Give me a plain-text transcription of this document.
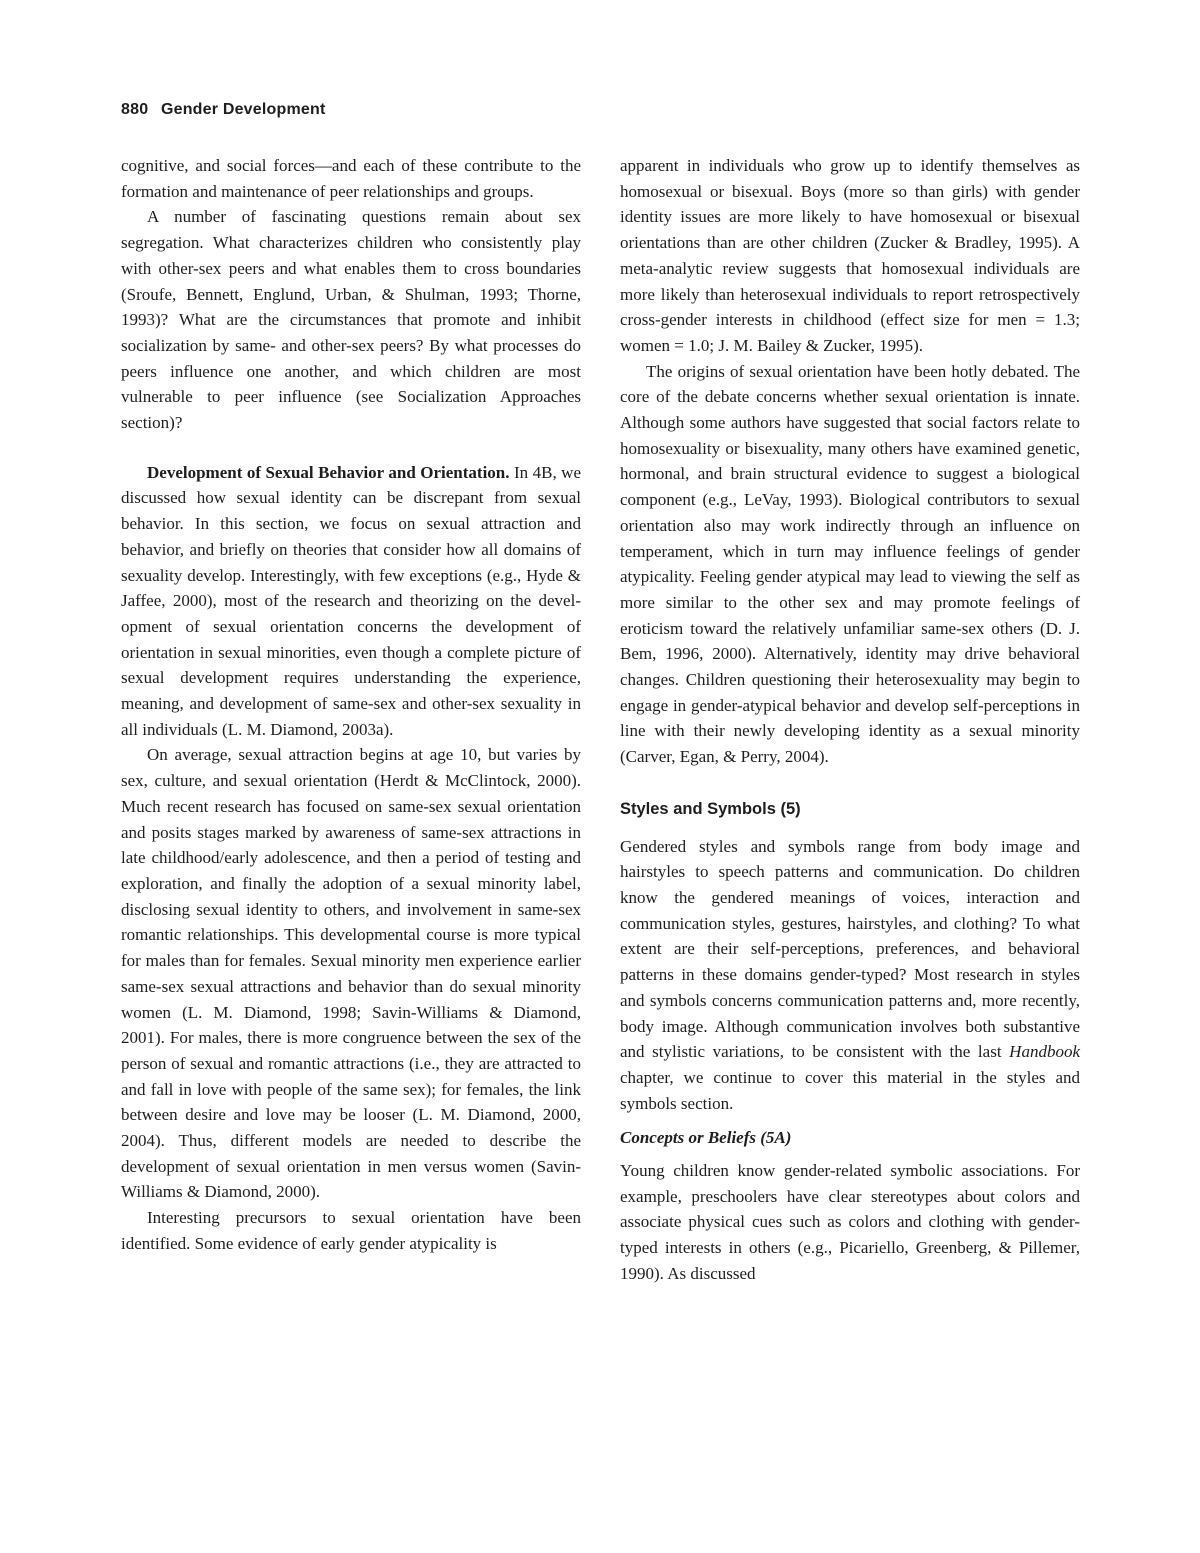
880 Gender Development

cognitive, and social forces—and each of these contribute to the formation and maintenance of peer relationships and groups.

A number of fascinating questions remain about sex segregation. What characterizes children who consistently play with other-sex peers and what enables them to cross boundaries (Sroufe, Bennett, Englund, Urban, & Shulman, 1993; Thorne, 1993)? What are the circumstances that promote and inhibit socialization by same- and other-sex peers? By what processes do peers influence one another, and which children are most vulnerable to peer influence (see Socialization Approaches section)?

Development of Sexual Behavior and Orientation. In 4B, we discussed how sexual identity can be discrepant from sexual behavior. In this section, we focus on sexual attraction and behavior, and briefly on theories that consider how all domains of sexuality develop. Interestingly, with few exceptions (e.g., Hyde & Jaffee, 2000), most of the research and theorizing on the development of sexual orientation concerns the development of orientation in sexual minorities, even though a complete picture of sexual development requires understanding the experience, meaning, and development of same-sex and other-sex sexuality in all individuals (L. M. Diamond, 2003a).

On average, sexual attraction begins at age 10, but varies by sex, culture, and sexual orientation (Herdt & McClintock, 2000). Much recent research has focused on same-sex sexual orientation and posits stages marked by awareness of same-sex attractions in late childhood/early adolescence, and then a period of testing and exploration, and finally the adoption of a sexual minority label, disclosing sexual identity to others, and involvement in same-sex romantic relationships. This developmental course is more typical for males than for females. Sexual minority men experience earlier same-sex sexual attractions and behavior than do sexual minority women (L. M. Diamond, 1998; Savin-Williams & Diamond, 2001). For males, there is more congruence between the sex of the person of sexual and romantic attractions (i.e., they are attracted to and fall in love with people of the same sex); for females, the link between desire and love may be looser (L. M. Diamond, 2000, 2004). Thus, different models are needed to describe the development of sexual orientation in men versus women (Savin-Williams & Diamond, 2000).

Interesting precursors to sexual orientation have been identified. Some evidence of early gender atypicality is

apparent in individuals who grow up to identify themselves as homosexual or bisexual. Boys (more so than girls) with gender identity issues are more likely to have homosexual or bisexual orientations than are other children (Zucker & Bradley, 1995). A meta-analytic review suggests that homosexual individuals are more likely than heterosexual individuals to report retrospectively cross-gender interests in childhood (effect size for men = 1.3; women = 1.0; J. M. Bailey & Zucker, 1995).

The origins of sexual orientation have been hotly debated. The core of the debate concerns whether sexual orientation is innate. Although some authors have suggested that social factors relate to homosexuality or bisexuality, many others have examined genetic, hormonal, and brain structural evidence to suggest a biological component (e.g., LeVay, 1993). Biological contributors to sexual orientation also may work indirectly through an influence on temperament, which in turn may influence feelings of gender atypicality. Feeling gender atypical may lead to viewing the self as more similar to the other sex and may promote feelings of eroticism toward the relatively unfamiliar same-sex others (D. J. Bem, 1996, 2000). Alternatively, identity may drive behavioral changes. Children questioning their heterosexuality may begin to engage in gender-atypical behavior and develop self-perceptions in line with their newly developing identity as a sexual minority (Carver, Egan, & Perry, 2004).

Styles and Symbols (5)

Gendered styles and symbols range from body image and hairstyles to speech patterns and communication. Do children know the gendered meanings of voices, interaction and communication styles, gestures, hairstyles, and clothing? To what extent are their self-perceptions, preferences, and behavioral patterns in these domains gender-typed? Most research in styles and symbols concerns communication patterns and, more recently, body image. Although communication involves both substantive and stylistic variations, to be consistent with the last Handbook chapter, we continue to cover this material in the styles and symbols section.

Concepts or Beliefs (5A)

Young children know gender-related symbolic associations. For example, preschoolers have clear stereotypes about colors and associate physical cues such as colors and clothing with gender-typed interests in others (e.g., Picariello, Greenberg, & Pillemer, 1990). As discussed
